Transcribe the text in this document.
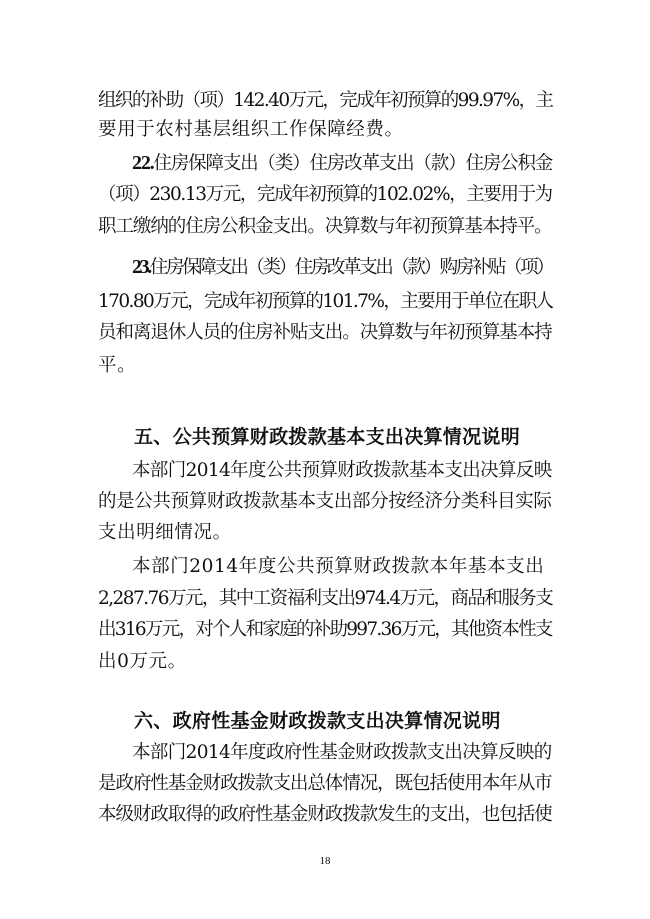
组织的补助（项）142.40万元，完成年初预算的99.97%，主
要用于农村基层组织工作保障经费。
22.住房保障支出（类）住房改革支出（款）住房公积金
（项）230.13万元，完成年初预算的102.02%，主要用于为
职工缴纳的住房公积金支出。决算数与年初预算基本持平。
23.住房保障支出（类）住房改革支出（款）购房补贴（项）
170.80万元，完成年初预算的101.7%，主要用于单位在职人
员和离退休人员的住房补贴支出。决算数与年初预算基本持
平。
五、公共预算财政拨款基本支出决算情况说明
本部门2014年度公共预算财政拨款基本支出决算反映
的是公共预算财政拨款基本支出部分按经济分类科目实际
支出明细情况。
本部门2014年度公共预算财政拨款本年基本支出
2,287.76万元，其中工资福利支出974.4万元，商品和服务支
出316万元，对个人和家庭的补助997.36万元，其他资本性支
出0万元。
六、政府性基金财政拨款支出决算情况说明
本部门2014年度政府性基金财政拨款支出决算反映的
是政府性基金财政拨款支出总体情况，既包括使用本年从市
本级财政取得的政府性基金财政拨款发生的支出，也包括使
18
